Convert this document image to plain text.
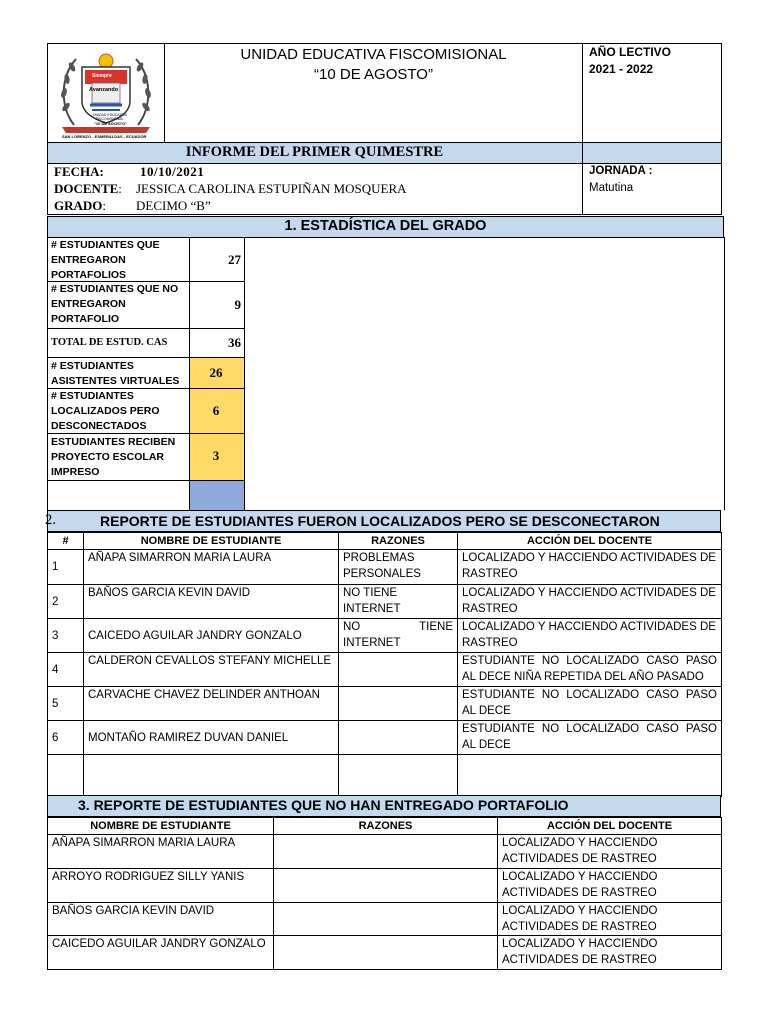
Siempre
Avanzando
UNIDAD EDUCATIVA
FISCOMISIONAL
"10 DE AGOSTO"
SAN LORENZO - ESMERALDAS - ECUADOR
UNIDAD EDUCATIVA FISCOMISIONAL
“10 DE AGOSTO”
AÑO LECTIVO
2021 - 2022
INFORME DEL PRIMER QUIMESTRE
FECHA:	10/10/2021
DOCENTE: JESSICA CAROLINA ESTUPIÑAN MOSQUERA
GRADO: DECIMO “B”
JORNADA :
Matutina
1. ESTADÍSTICA DEL GRADO
# ESTUDIANTES QUE ENTREGARON PORTAFOLIOS
27
# ESTUDIANTES QUE NO ENTREGARON PORTAFOLIO
9
TOTAL DE ESTUD. CAS	36
# ESTUDIANTES ASISTENTES VIRTUALES
26
# ESTUDIANTES LOCALIZADOS PERO DESCONECTADOS
6
ESTUDIANTES RECIBEN PROYECTO ESCOLAR IMPRESO
3
2.	REPORTE DE ESTUDIANTES FUERON LOCALIZADOS PERO SE DESCONECTARON
#	NOMBRE DE ESTUDIANTE	RAZONES	ACCIÓN DEL DOCENTE
1	AÑAPA SIMARRON MARIA LAURA	PROBLEMAS PERSONALES	LOCALIZADO Y HACCIENDO ACTIVIDADES DE RASTREO
2	BAÑOS GARCIA KEVIN DAVID	NO TIENE INTERNET	LOCALIZADO Y HACCIENDO ACTIVIDADES DE RASTREO
3	CAICEDO AGUILAR JANDRY GONZALO	NO TIENE INTERNET	LOCALIZADO Y HACCIENDO ACTIVIDADES DE RASTREO
4	CALDERON CEVALLOS STEFANY MICHELLE		ESTUDIANTE NO LOCALIZADO CASO PASO AL DECE NIÑA REPETIDA DEL AÑO PASADO
5	CARVACHE CHAVEZ DELINDER ANTHOAN		ESTUDIANTE NO LOCALIZADO CASO PASO AL DECE
6	MONTAÑO RAMIREZ DUVAN DANIEL		ESTUDIANTE NO LOCALIZADO CASO PASO AL DECE

3. REPORTE DE ESTUDIANTES QUE NO HAN ENTREGADO PORTAFOLIO
NOMBRE DE ESTUDIANTE	RAZONES	ACCIÓN DEL DOCENTE
AÑAPA SIMARRON MARIA LAURA		LOCALIZADO Y HACCIENDO ACTIVIDADES DE RASTREO
ARROYO RODRIGUEZ SILLY YANIS		LOCALIZADO Y HACCIENDO ACTIVIDADES DE RASTREO
BAÑOS GARCIA KEVIN DAVID		LOCALIZADO Y HACCIENDO ACTIVIDADES DE RASTREO
CAICEDO AGUILAR JANDRY GONZALO		LOCALIZADO Y HACCIENDO ACTIVIDADES DE RASTREO
